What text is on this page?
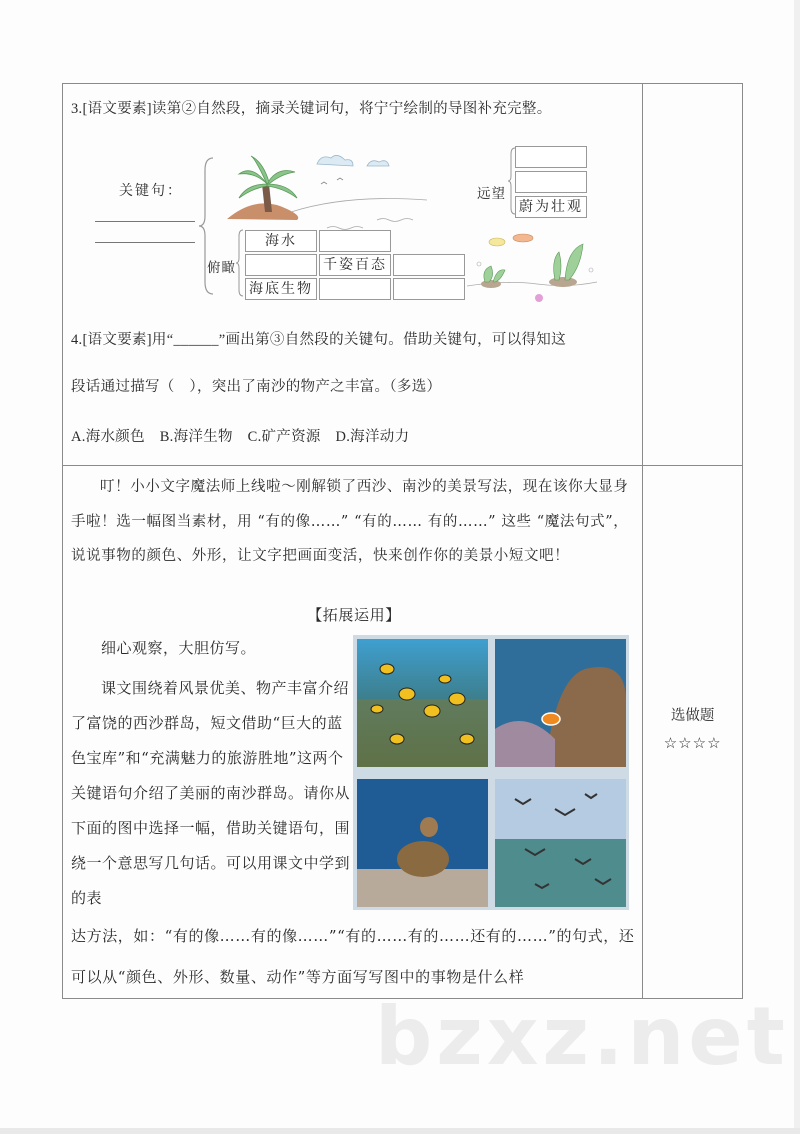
3.[语文要素]读第②自然段，摘录关键词句，将宁宁绘制的导图补充完整。
关键句：	远望
蔚为壮观
俯瞰
海水
千姿百态
海底生物
4.[语文要素]用“______”画出第③自然段的关键句。借助关键句，可以得知这
段话通过描写（　），突出了南沙的物产之丰富。（多选）
A.海水颜色　B.海洋生物　C.矿产资源　D.海洋动力

叮！小小文字魔法师上线啦～刚解锁了西沙、南沙的美景写法，现在该你大显身手啦！选一幅图当素材，用 “有的像……” “有的…… 有的……” 这些 “魔法句式”，说说事物的颜色、外形，让文字把画面变活，快来创作你的美景小短文吧！
【拓展运用】
细心观察，大胆仿写。
课文围绕着风景优美、物产丰富介绍了富饶的西沙群岛，短文借助“巨大的蓝色宝库”和“充满魅力的旅游胜地”这两个关键语句介绍了美丽的南沙群岛。请你从下面的图中选择一幅，借助关键语句，围绕一个意思写几句话。可以用课文中学到的表
达方法，如：“有的像……有的像……”“有的……有的……还有的……”的句式，还可以从“颜色、外形、数量、动作”等方面写写图中的事物是什么样

选做题
☆☆☆☆
bzxz.net
